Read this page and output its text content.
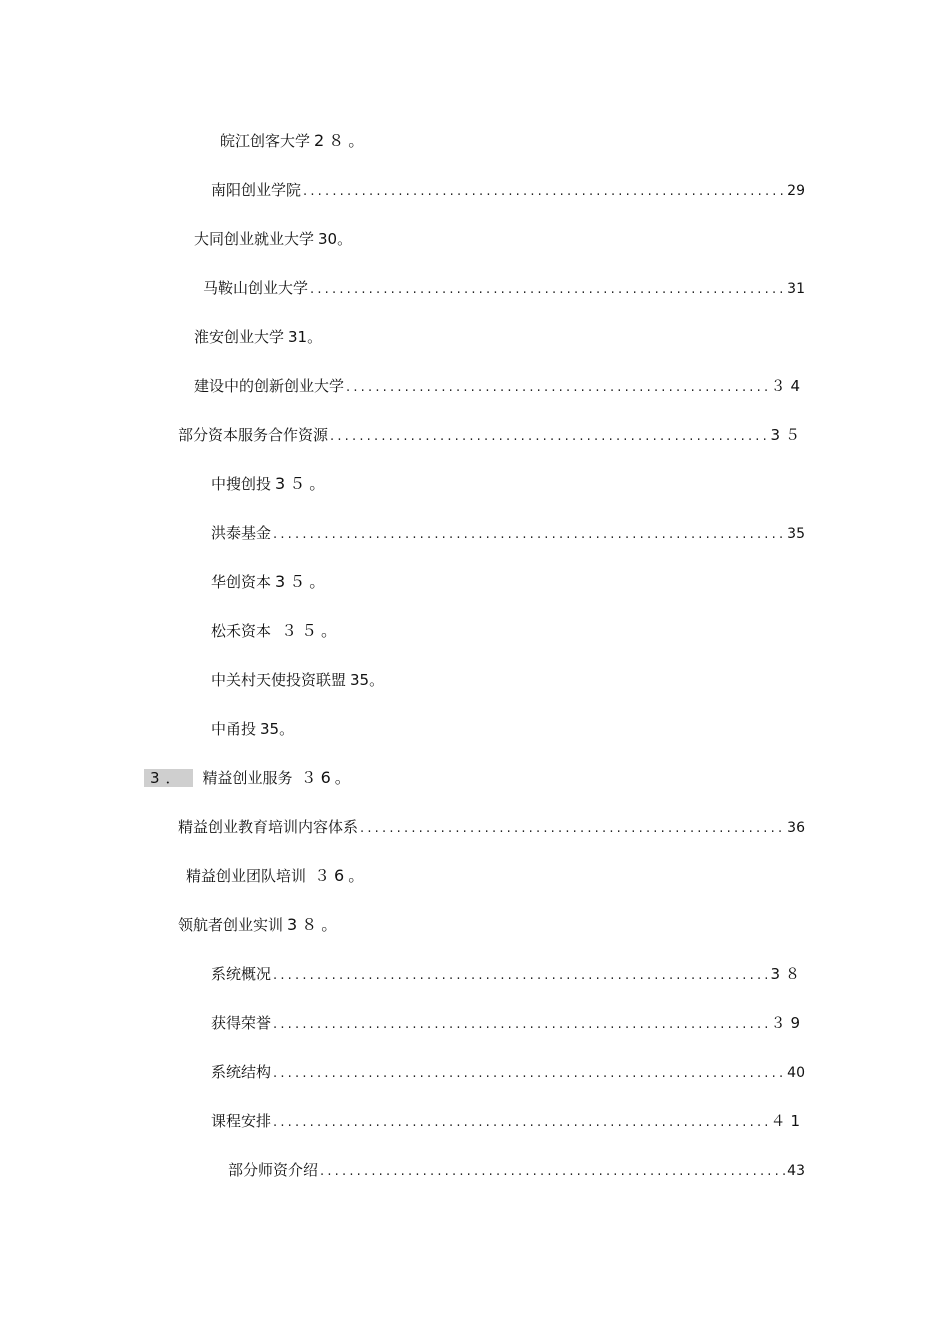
皖江创客大学 2８。
南阳创业学院 .....	29
大同创业就业大学 30。
马鞍山创业大学 .....	31
淮安创业大学 31。
建设中的创新创业大学 .....	３4
部分资本服务合作资源 .....	3５
中搜创投 3５。
洪泰基金 .....	35
华创资本 3５。
松禾资本 ３５。
中关村天使投资联盟 35。
中甬投 35。
3．	精益创业服务 ３6。
精益创业教育培训内容体系 .....	36
精益创业团队培训 ３6。
领航者创业实训 3８。
系统概况 .....	3８
获得荣誉 .....	３9
系统结构 .....	40
课程安排 .....	４1
部分师资介绍 .....	43
